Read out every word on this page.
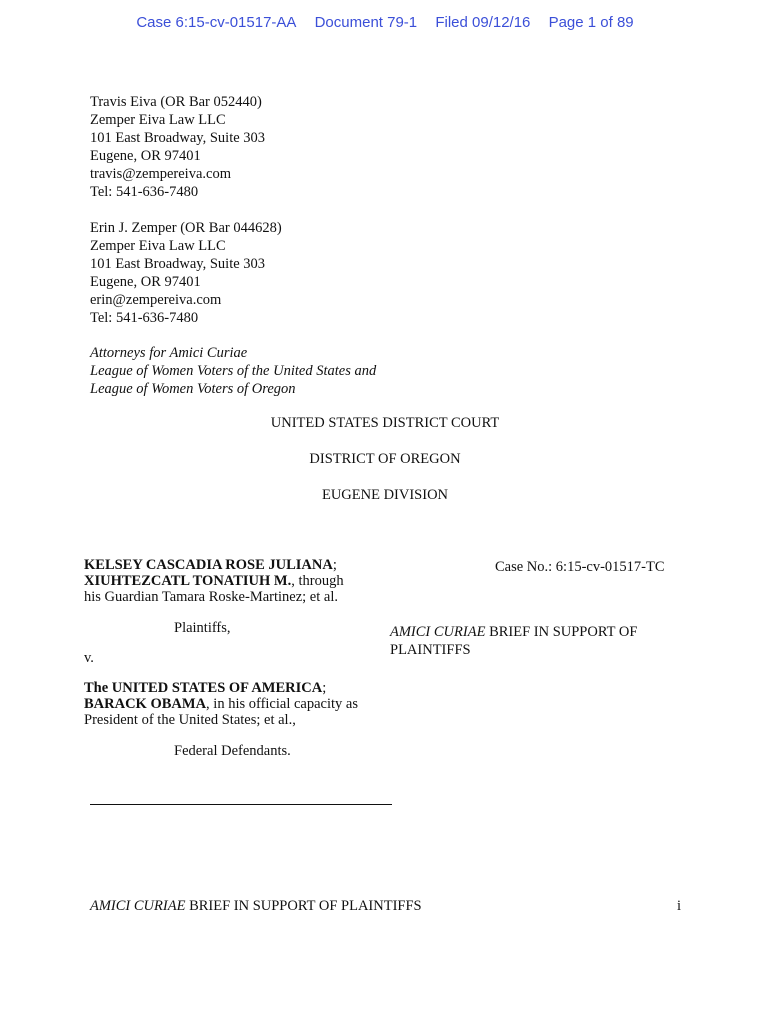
Case 6:15-cv-01517-AA Document 79-1 Filed 09/12/16 Page 1 of 89
Travis Eiva (OR Bar 052440)
Zemper Eiva Law LLC
101 East Broadway, Suite 303
Eugene, OR 97401
travis@zempereiva.com
Tel: 541-636-7480
Erin J. Zemper (OR Bar 044628)
Zemper Eiva Law LLC
101 East Broadway, Suite 303
Eugene, OR 97401
erin@zempereiva.com
Tel: 541-636-7480
Attorneys for Amici Curiae
League of Women Voters of the United States and
League of Women Voters of Oregon
UNITED STATES DISTRICT COURT
DISTRICT OF OREGON
EUGENE DIVISION
KELSEY CASCADIA ROSE JULIANA;
XIUHTEZCATL TONATIUH M., through
his Guardian Tamara Roske-Martinez; et al.
Plaintiffs,
v.
The UNITED STATES OF AMERICA;
BARACK OBAMA, in his official capacity as
President of the United States; et al.,
Federal Defendants.
Case No.: 6:15-cv-01517-TC
AMICI CURIAE BRIEF IN SUPPORT OF
PLAINTIFFS
AMICI CURIAE BRIEF IN SUPPORT OF PLAINTIFFS	i
